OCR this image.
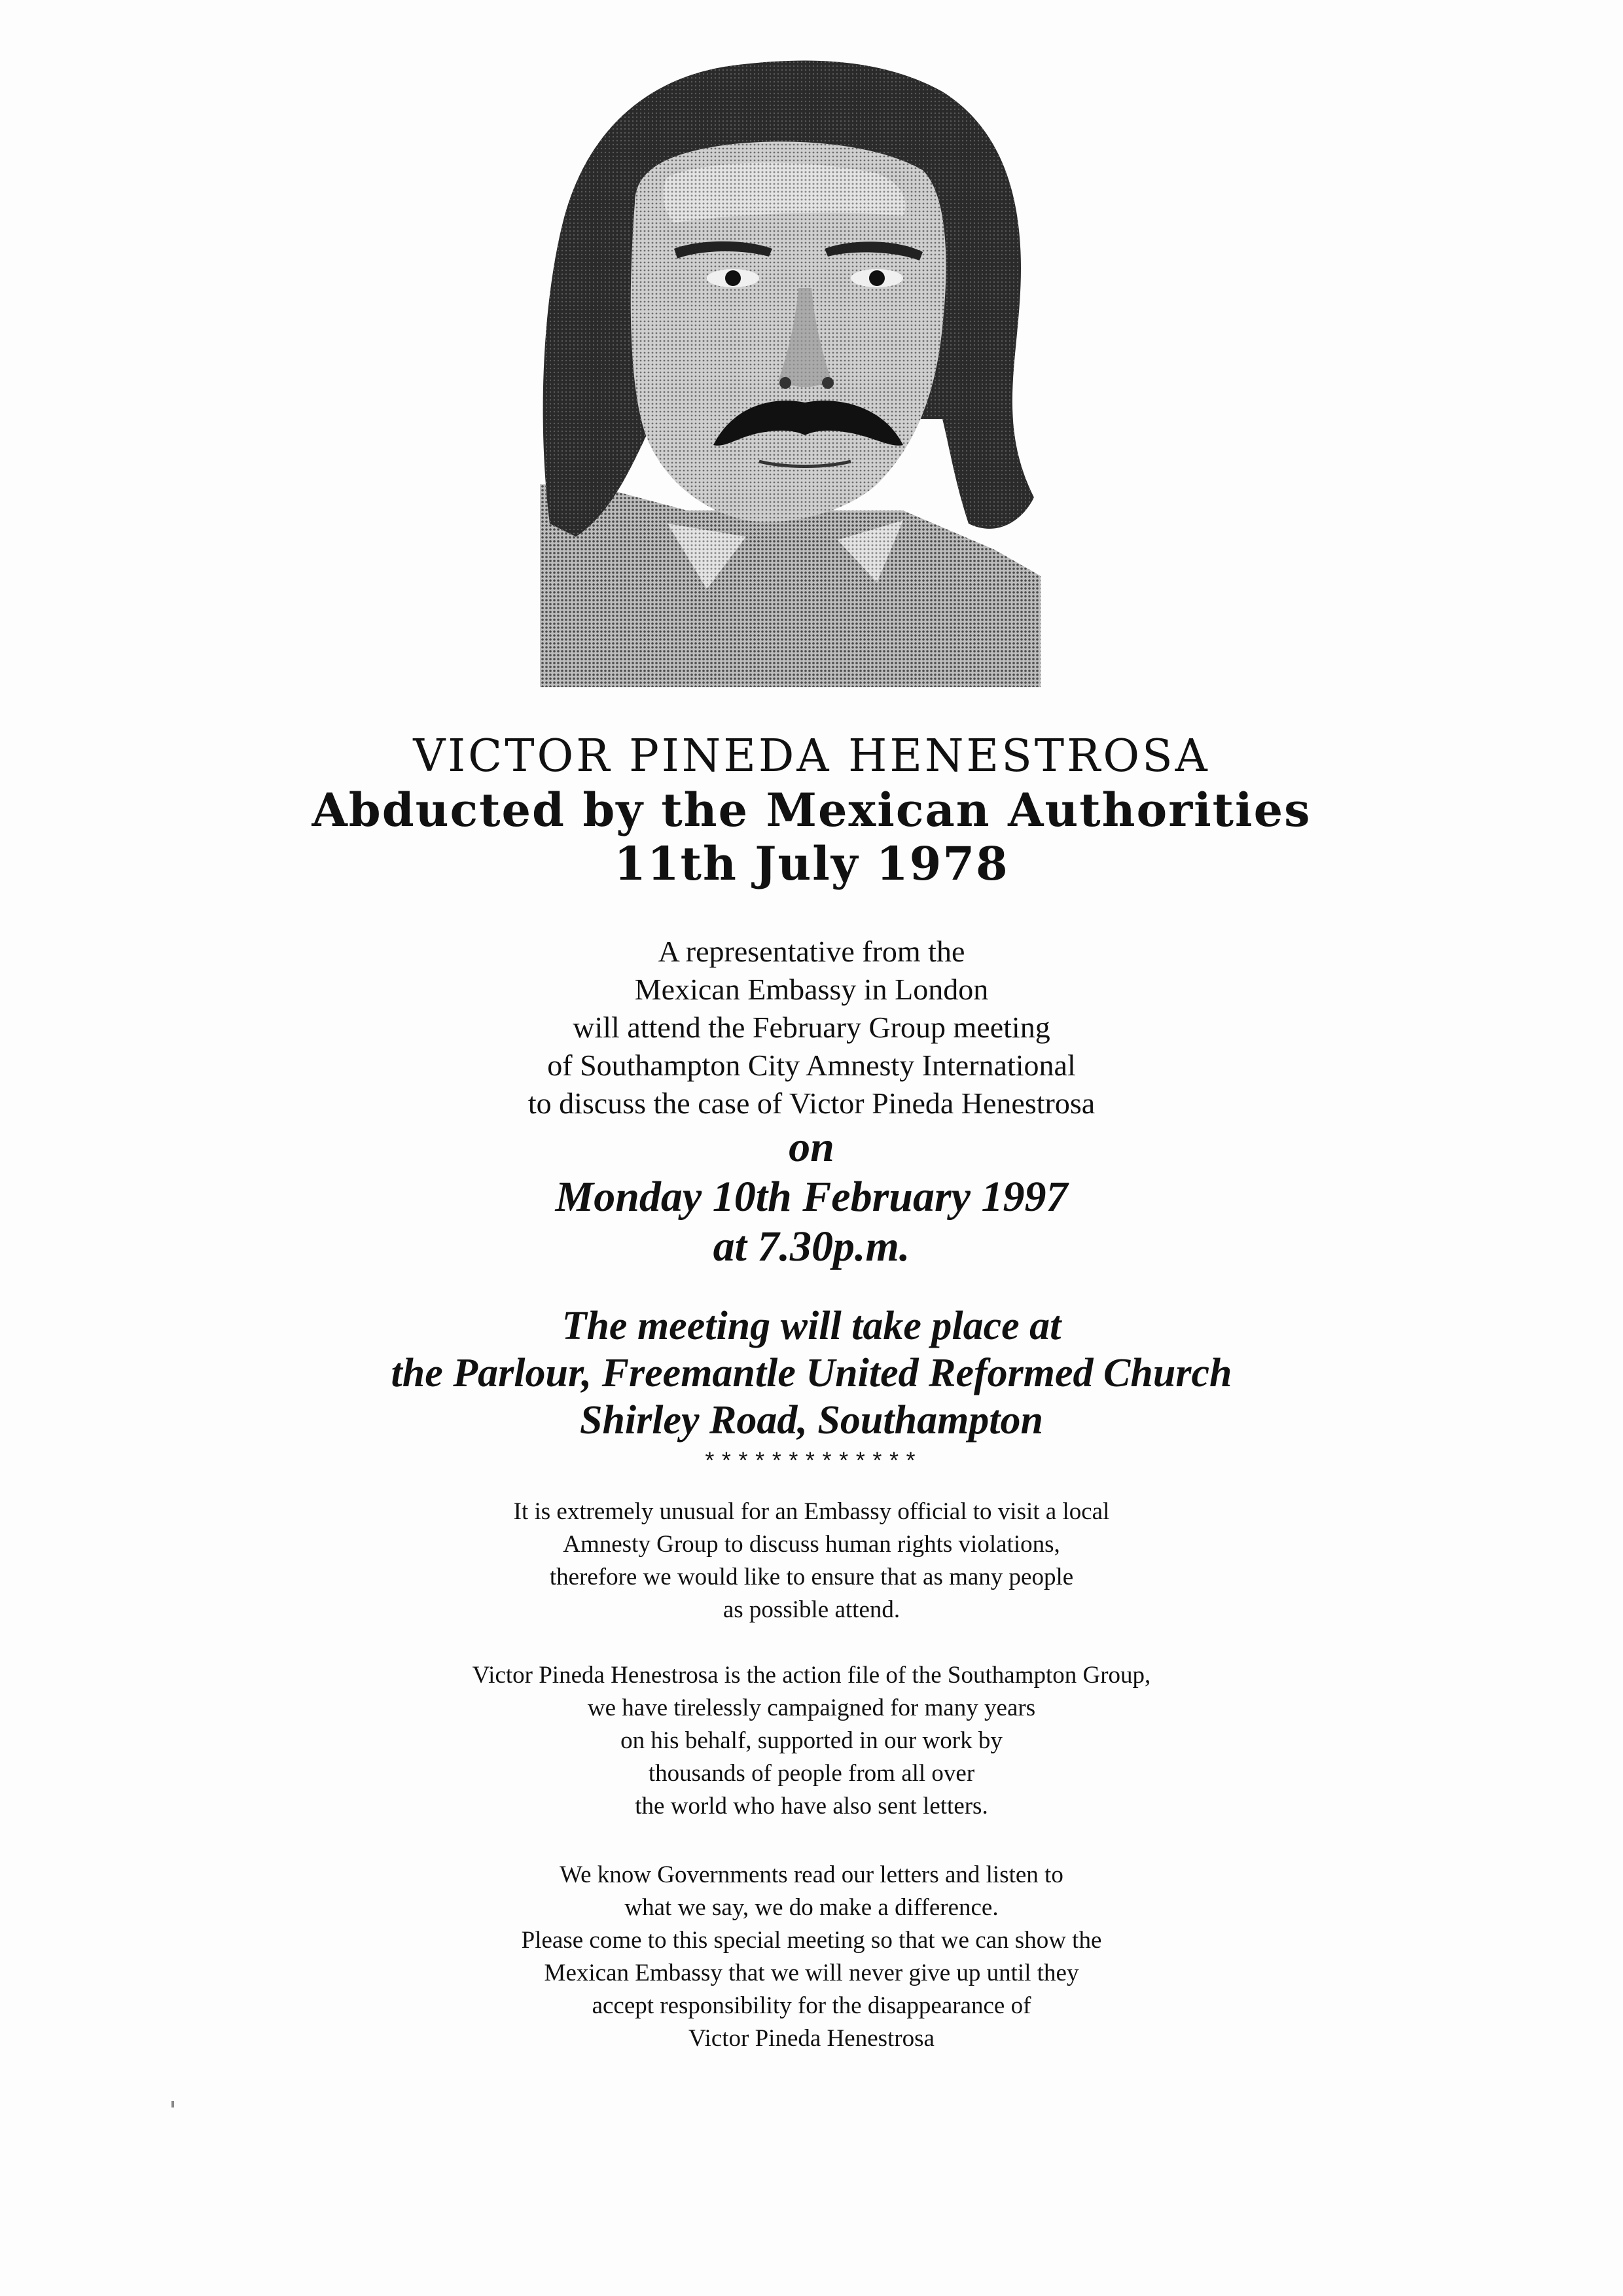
VICTOR PINEDA HENESTROSA
Abducted by the Mexican Authorities
11th July 1978
A representative from the
Mexican Embassy in London
will attend the February Group meeting
of Southampton City Amnesty International
to discuss the case of Victor Pineda Henestrosa
on
Monday 10th February 1997
at 7.30p.m.
The meeting will take place at
the Parlour, Freemantle United Reformed Church
Shirley Road, Southampton
*************
It is extremely unusual for an Embassy official to visit a local
Amnesty Group to discuss human rights violations,
therefore we would like to ensure that as many people
as possible attend.
Victor Pineda Henestrosa is the action file of the Southampton Group,
we have tirelessly campaigned for many years
on his behalf, supported in our work by
thousands of people from all over
the world who have also sent letters.
We know Governments read our letters and listen to
what we say, we do make a difference.
Please come to this special meeting so that we can show the
Mexican Embassy that we will never give up until they
accept responsibility for the disappearance of
Victor Pineda Henestrosa
